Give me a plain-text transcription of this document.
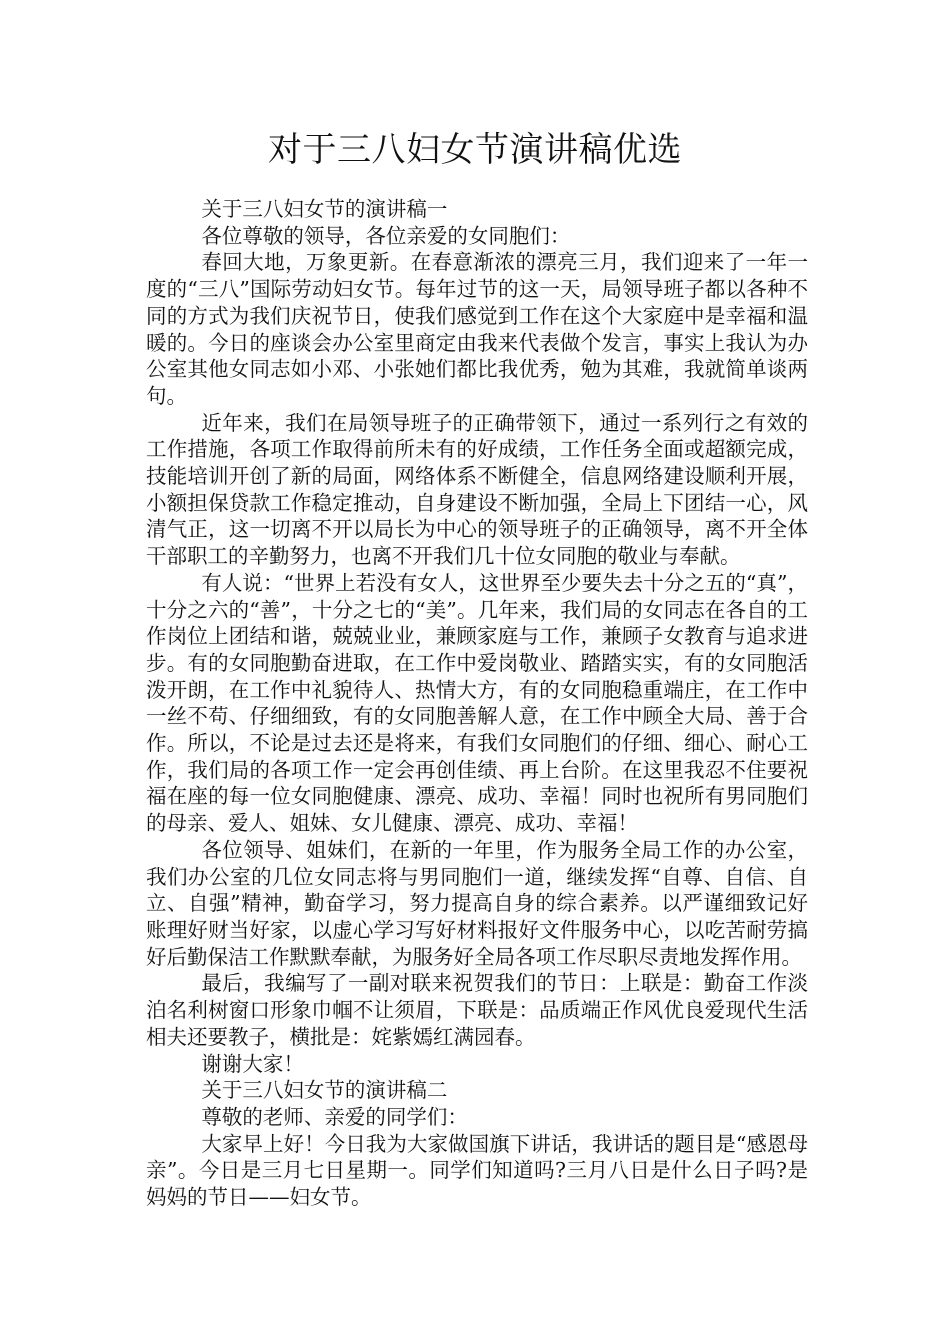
对于三八妇女节演讲稿优选

关于三八妇女节的演讲稿一

各位尊敬的领导，各位亲爱的女同胞们：

春回大地，万象更新。在春意渐浓的漂亮三月，我们迎来了一年一度的“三八”国际劳动妇女节。每年过节的这一天，局领导班子都以各种不同的方式为我们庆祝节日，使我们感觉到工作在这个大家庭中是幸福和温暖的。今日的座谈会办公室里商定由我来代表做个发言，事实上我认为办公室其他女同志如小邓、小张她们都比我优秀，勉为其难，我就简单谈两句。

近年来，我们在局领导班子的正确带领下，通过一系列行之有效的工作措施，各项工作取得前所未有的好成绩，工作任务全面或超额完成，技能培训开创了新的局面，网络体系不断健全，信息网络建设顺利开展，小额担保贷款工作稳定推动，自身建设不断加强，全局上下团结一心，风清气正，这一切离不开以局长为中心的领导班子的正确领导，离不开全体干部职工的辛勤努力，也离不开我们几十位女同胞的敬业与奉献。

有人说：“世界上若没有女人，这世界至少要失去十分之五的“真”，十分之六的“善”，十分之七的“美”。几年来，我们局的女同志在各自的工作岗位上团结和谐，兢兢业业，兼顾家庭与工作，兼顾子女教育与追求进步。有的女同胞勤奋进取，在工作中爱岗敬业、踏踏实实，有的女同胞活泼开朗，在工作中礼貌待人、热情大方，有的女同胞稳重端庄，在工作中一丝不苟、仔细细致，有的女同胞善解人意，在工作中顾全大局、善于合作。所以，不论是过去还是将来，有我们女同胞们的仔细、细心、耐心工作，我们局的各项工作一定会再创佳绩、再上台阶。在这里我忍不住要祝福在座的每一位女同胞健康、漂亮、成功、幸福！同时也祝所有男同胞们的母亲、爱人、姐妹、女儿健康、漂亮、成功、幸福！

各位领导、姐妹们，在新的一年里，作为服务全局工作的办公室，我们办公室的几位女同志将与男同胞们一道，继续发挥“自尊、自信、自立、自强”精神，勤奋学习，努力提高自身的综合素养。以严谨细致记好账理好财当好家，以虚心学习写好材料报好文件服务中心，以吃苦耐劳搞好后勤保洁工作默默奉献，为服务好全局各项工作尽职尽责地发挥作用。

最后，我编写了一副对联来祝贺我们的节日：上联是：勤奋工作淡泊名利树窗口形象巾帼不让须眉，下联是：品质端正作风优良爱现代生活相夫还要教子，横批是：姹紫嫣红满园春。

谢谢大家！

关于三八妇女节的演讲稿二

尊敬的老师、亲爱的同学们：

大家早上好！今日我为大家做国旗下讲话，我讲话的题目是“感恩母亲”。今日是三月七日星期一。同学们知道吗?三月八日是什么日子吗?是妈妈的节日——妇女节。
